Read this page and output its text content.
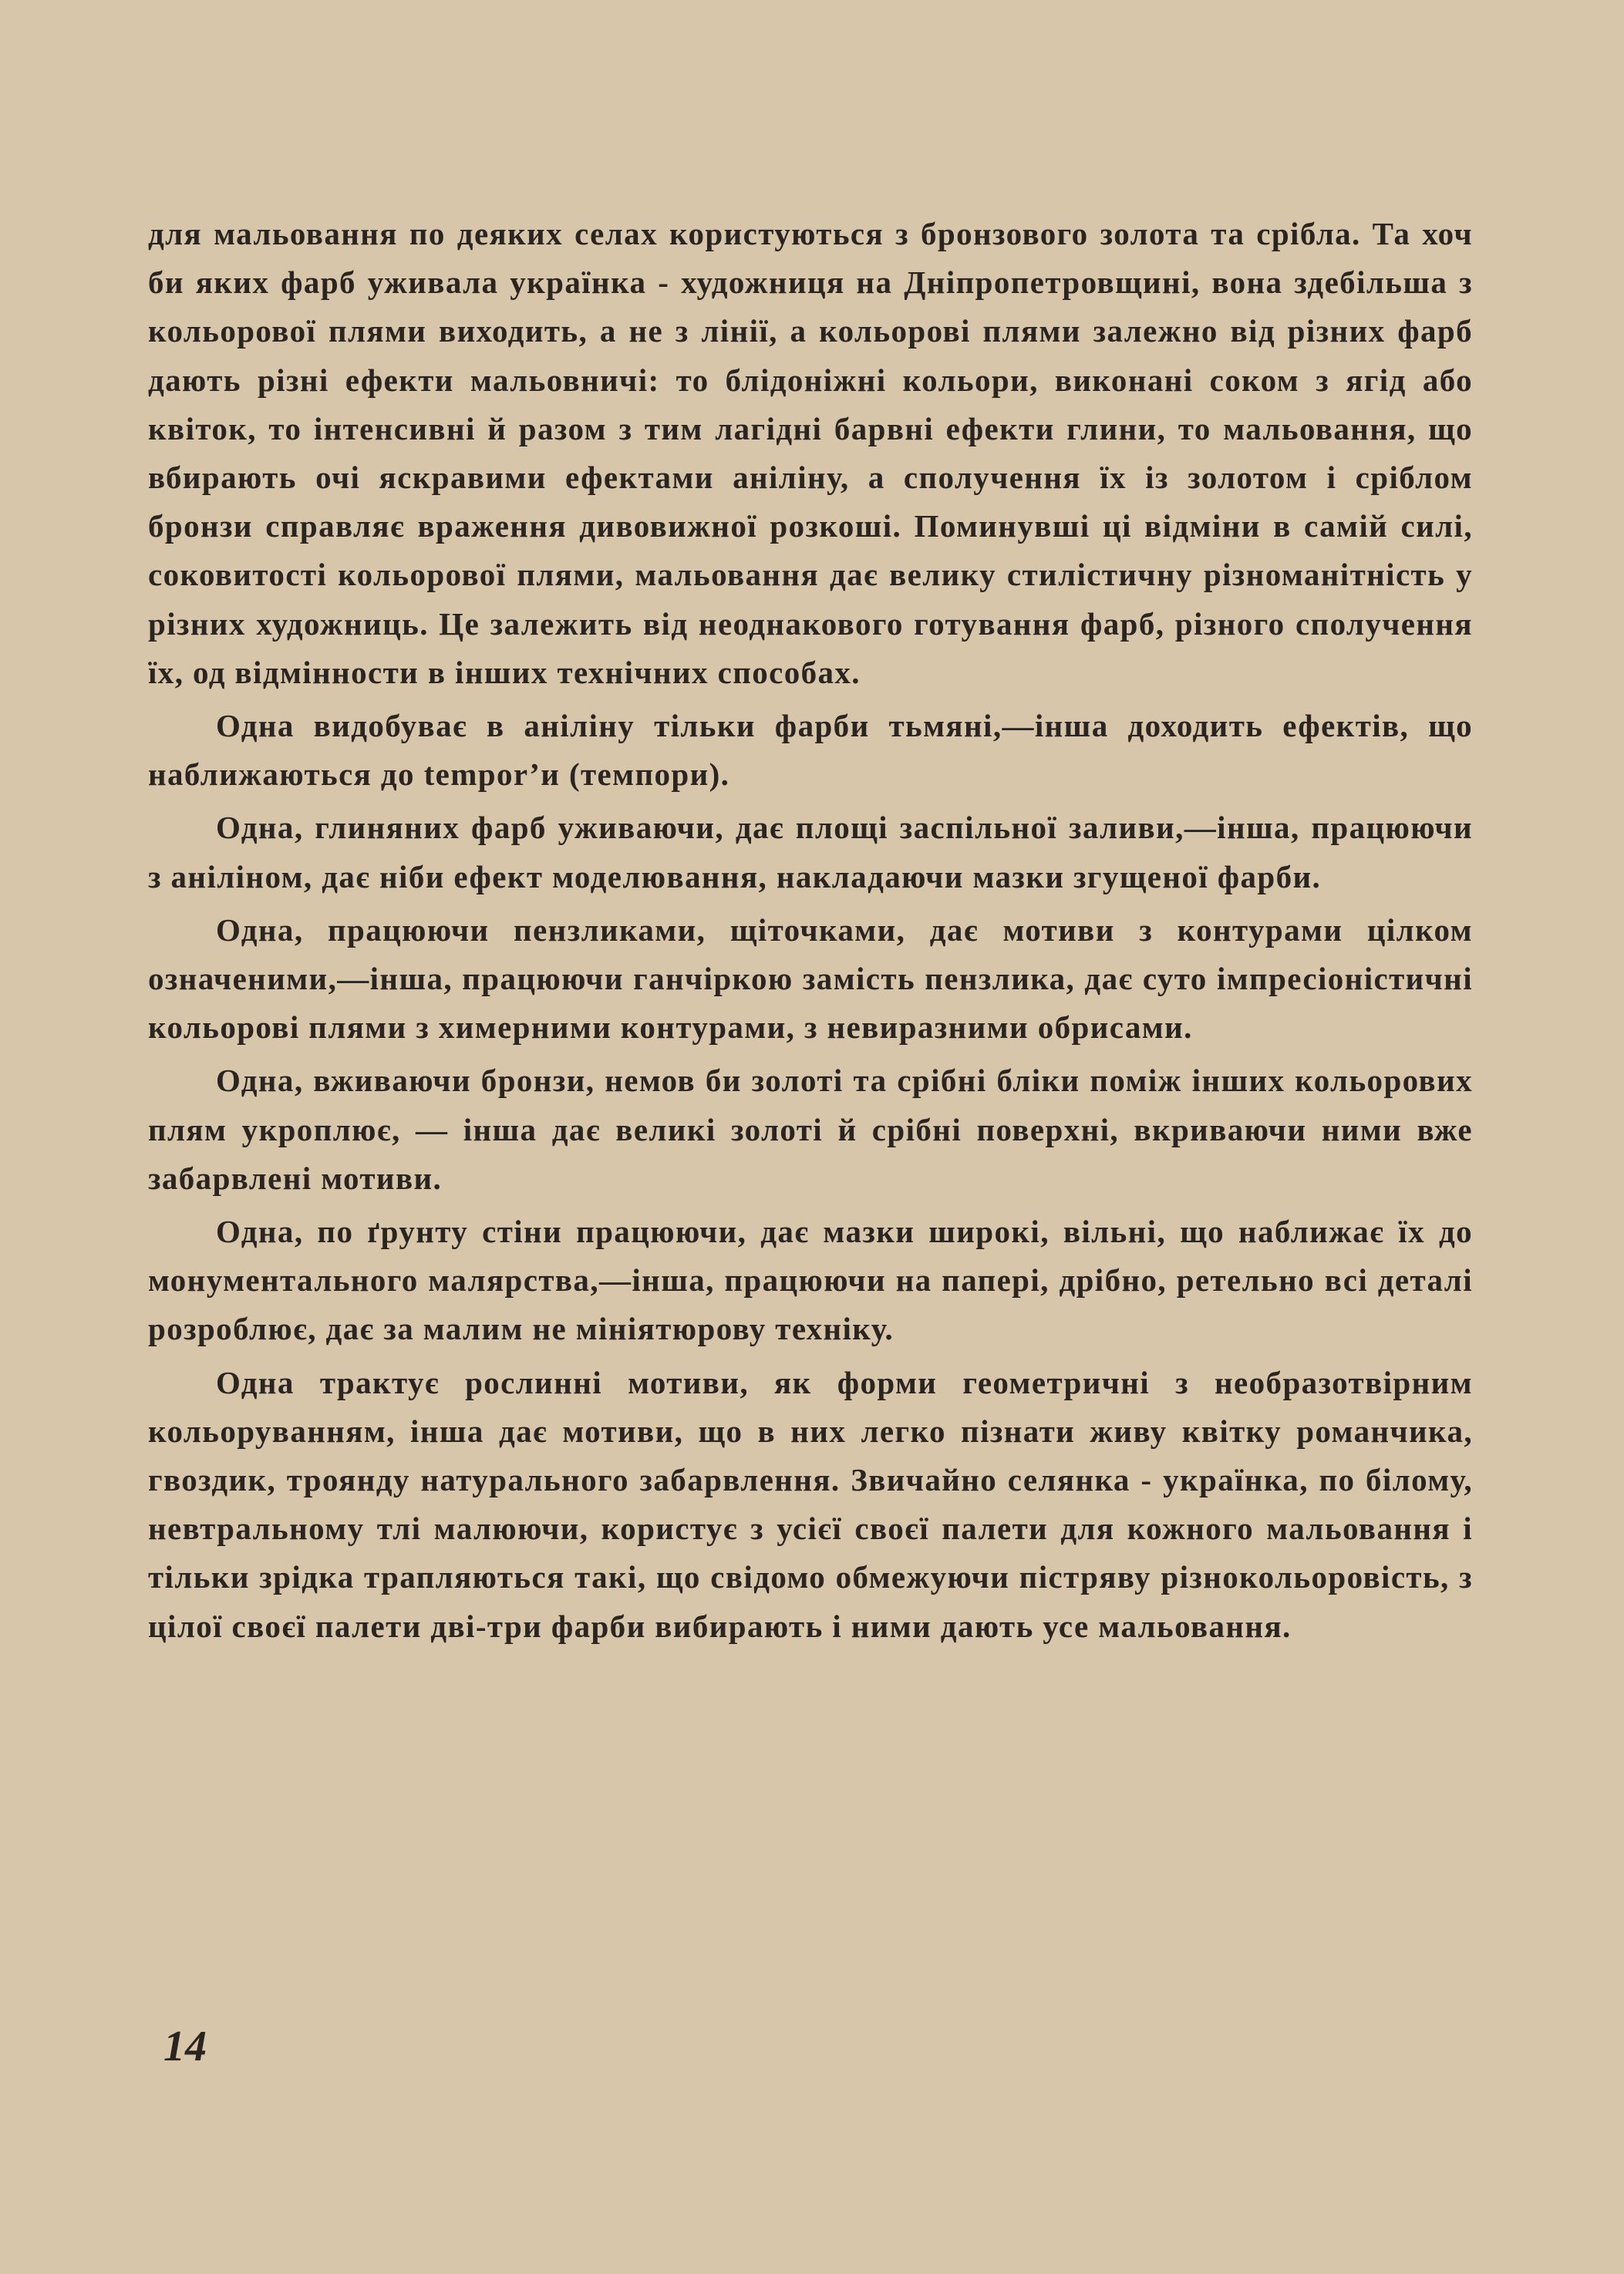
для мальовання по деяких селах користуються з бронзового золота та срібла. Та хоч би яких фарб уживала українка - художниця на Дніпропетровщині, вона здебільша з кольорової плями виходить, а не з лінії, а кольорові плями залежно від різних фарб дають різні ефекти мальовничі: то блідоніжні кольори, виконані соком з ягід або квіток, то інтенсивні й разом з тим лагідні барвні ефекти глини, то мальовання, що вбирають очі яскравими ефектами аніліну, а сполучення їх із золотом і сріблом бронзи справляє враження дивовижної розкоші. Поминувші ці відміни в самій силі, соковитості кольорової плями, мальовання дає велику стилістичну різноманітність у різних художниць. Це залежить від неоднакового готування фарб, різного сполучення їх, од відмінности в інших технічних способах.

Одна видобуває в аніліну тільки фарби тьмяні,—інша доходить ефектів, що наближаються до tempor’и (темпори).

Одна, глиняних фарб уживаючи, дає площі заспільної заливи,—інша, працюючи з аніліном, дає ніби ефект моделювання, накладаючи мазки згущеної фарби.

Одна, працюючи пензликами, щіточками, дає мотиви з контурами цілком означеними,—інша, працюючи ганчіркою замість пензлика, дає суто імпресіоністичні кольорові плями з химерними контурами, з невиразними обрисами.

Одна, вживаючи бронзи, немов би золоті та срібні бліки поміж інших кольорових плям укроплює, — інша дає великі золоті й срібні поверхні, вкриваючи ними вже забарвлені мотиви.

Одна, по ґрунту стіни працюючи, дає мазки широкі, вільні, що наближає їх до монументального малярства,—інша, працюючи на папері, дрібно, ретельно всі деталі розроблює, дає за малим не мініятюрову техніку.

Одна трактує рослинні мотиви, як форми геометричні з необразотвірним кольоруванням, інша дає мотиви, що в них легко пізнати живу квітку романчика, гвоздик, троянду натурального забарвлення. Звичайно селянка - українка, по білому, невтральному тлі малюючи, користує з усієї своєї палети для кожного мальовання і тільки зрідка трапляються такі, що свідомо обмежуючи пістряву різнокольоровість, з цілої своєї палети дві-три фарби вибирають і ними дають усе мальовання.

14
